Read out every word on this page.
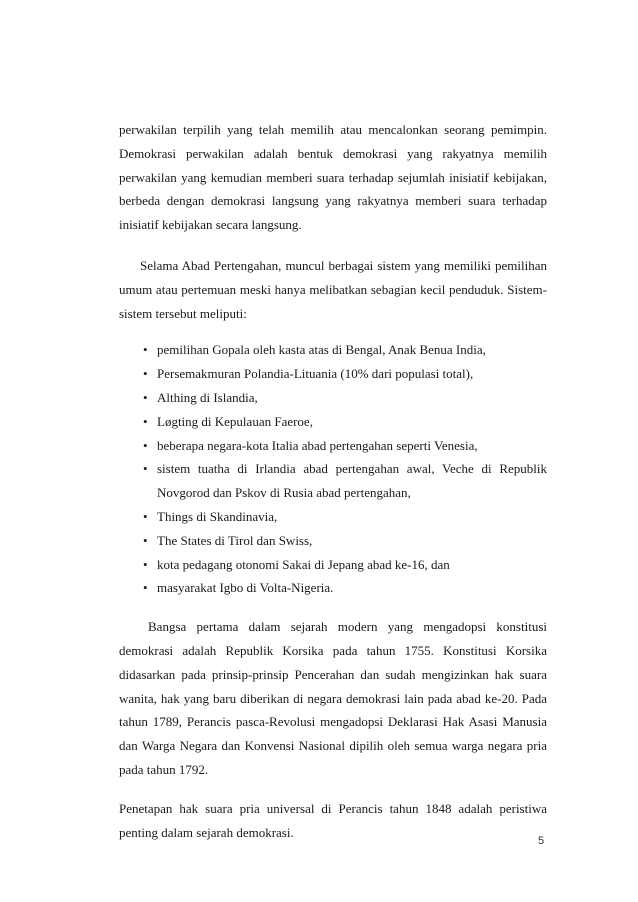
perwakilan terpilih yang telah memilih atau mencalonkan seorang pemimpin. Demokrasi perwakilan adalah bentuk demokrasi yang rakyatnya memilih perwakilan yang kemudian memberi suara terhadap sejumlah inisiatif kebijakan, berbeda dengan demokrasi langsung yang rakyatnya memberi suara terhadap inisiatif kebijakan secara langsung.

Selama Abad Pertengahan, muncul berbagai sistem yang memiliki pemilihan umum atau pertemuan meski hanya melibatkan sebagian kecil penduduk. Sistem-sistem tersebut meliputi:

• pemilihan Gopala oleh kasta atas di Bengal, Anak Benua India,
• Persemakmuran Polandia-Lituania (10% dari populasi total),
• Althing di Islandia,
• Løgting di Kepulauan Faeroe,
• beberapa negara-kota Italia abad pertengahan seperti Venesia,
• sistem tuatha di Irlandia abad pertengahan awal, Veche di Republik Novgorod dan Pskov di Rusia abad pertengahan,
• Things di Skandinavia,
• The States di Tirol dan Swiss,
• kota pedagang otonomi Sakai di Jepang abad ke-16, dan
• masyarakat Igbo di Volta-Nigeria.

Bangsa pertama dalam sejarah modern yang mengadopsi konstitusi demokrasi adalah Republik Korsika pada tahun 1755. Konstitusi Korsika didasarkan pada prinsip-prinsip Pencerahan dan sudah mengizinkan hak suara wanita, hak yang baru diberikan di negara demokrasi lain pada abad ke-20. Pada tahun 1789, Perancis pasca-Revolusi mengadopsi Deklarasi Hak Asasi Manusia dan Warga Negara dan Konvensi Nasional dipilih oleh semua warga negara pria pada tahun 1792.

Penetapan hak suara pria universal di Perancis tahun 1848 adalah peristiwa penting dalam sejarah demokrasi.

5
